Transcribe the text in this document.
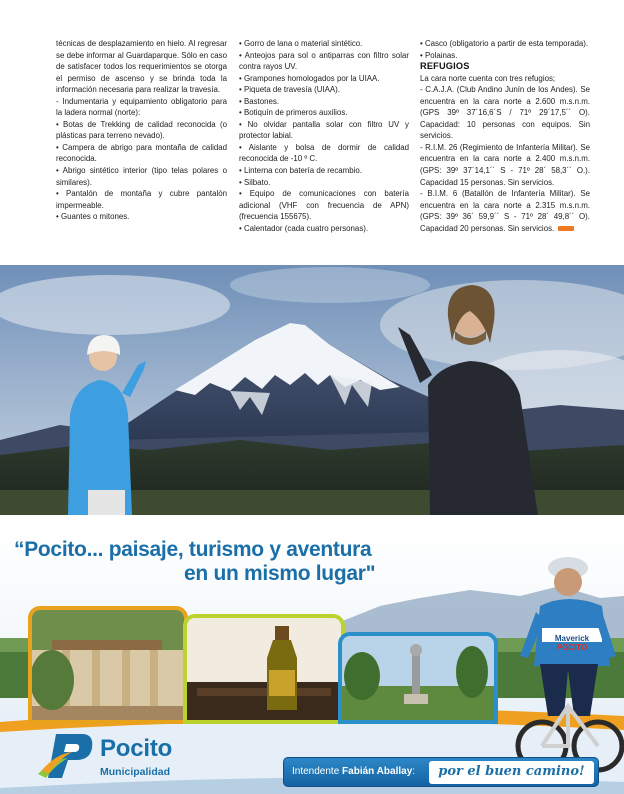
técnicas de desplazamiento en hielo. Al regresar se debe informar al Guardaparque. Sólo en caso de satisfacer todos los requerimientos se otorga el permiso de ascenso y se brinda toda la información necesaria para realizar la travesía.

- Indumentaria y equipamiento obligatorio para la ladera normal (norte):

• Botas de Trekking de calidad reconocida (o plásticas para terreno nevado).

• Campera de abrigo para montaña de calidad reconocida.

• Abrigo sintético interior (tipo telas polares o similares).

• Pantalón de montaña y cubre pantalón impermeable.

• Guantes o mitones.

• Gorro de lana o material sintético.

• Anteojos para sol o antiparras con filtro solar contra rayos UV.

• Grampones homologados por la UIAA.

• Piqueta de travesía (UIAA).

• Bastones.

• Botiquín de primeros auxilios.

• No olvidar pantalla solar con filtro UV y protector labial.

• Aislante y bolsa de dormir de calidad reconocida de -10 º C.

• Linterna con batería de recambio.

• Silbato.

• Equipo de comunicaciones con batería adicional (VHF con frecuencia de APN) (frecuencia 155675).

• Calentador (cada cuatro personas).

• Casco (obligatorio a partir de esta temporada).

• Polainas.

REFUGIOS

La cara norte cuenta con tres refugios;

- C.A.J.A. (Club Andino Junín de los Andes). Se encuentra en la cara norte a 2.600 m.s.n.m. (GPS 39º 37´16,6´S / 71º 29´17,5´´ O). Capacidad: 10 personas con equipos. Sin servicios.

- R.I.M. 26 (Regimiento de Infantería Militar). Se encuentra en la cara norte a 2.400 m.s.n.m. (GPS: 39º 37´14,1´´ S - 71º 28´ 58,3´´ O.). Capacidad 15 personas. Sin servicios.

- B.I.M. 6 (Batallón de Infantería Militar). Se encuentra en la cara norte a 2.315 m.s.n.m. (GPS: 39º 36´ 59,9´´ S - 71º 28´ 49,8´´ O). Capacidad 20 personas. Sin servicios.

“Pocito... paisaje, turismo y aventura
en un mismo lugar"
Maverick
POCITO
Pocito
Municipalidad	Intendente Fabián Aballay:	por el buen camino!
